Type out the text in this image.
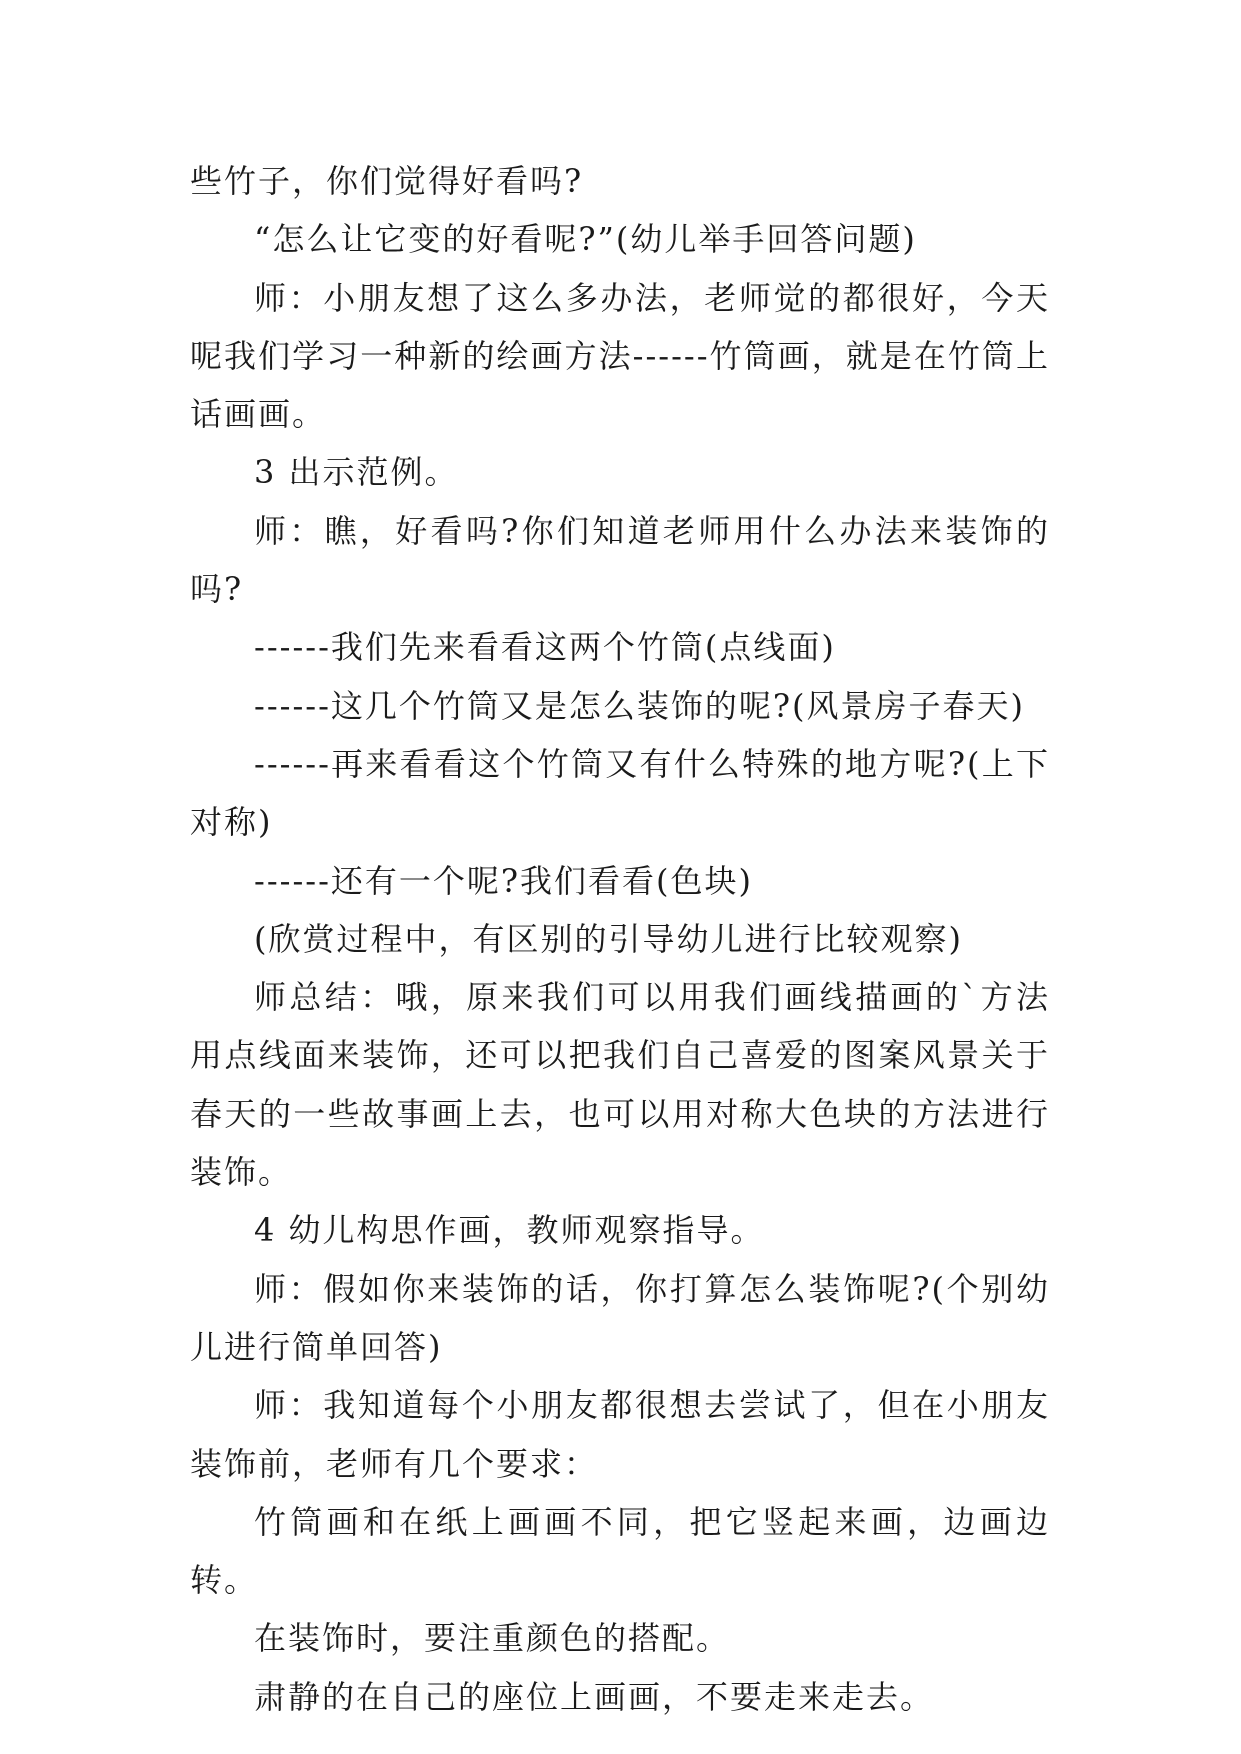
些竹子，你们觉得好看吗?

“怎么让它变的好看呢?”(幼儿举手回答问题)

师：小朋友想了这么多办法，老师觉的都很好，今天呢我们学习一种新的绘画方法------竹筒画，就是在竹筒上话画画。

3 出示范例。

师：瞧，好看吗?你们知道老师用什么办法来装饰的吗?

------我们先来看看这两个竹筒(点线面)

------这几个竹筒又是怎么装饰的呢?(风景房子春天)

------再来看看这个竹筒又有什么特殊的地方呢?(上下对称)

------还有一个呢?我们看看(色块)

(欣赏过程中，有区别的引导幼儿进行比较观察)

师总结：哦，原来我们可以用我们画线描画的`方法用点线面来装饰，还可以把我们自己喜爱的图案风景关于春天的一些故事画上去，也可以用对称大色块的方法进行装饰。

4 幼儿构思作画，教师观察指导。

师：假如你来装饰的话，你打算怎么装饰呢?(个别幼儿进行简单回答)

师：我知道每个小朋友都很想去尝试了，但在小朋友装饰前，老师有几个要求：

竹筒画和在纸上画画不同，把它竖起来画，边画边转。

在装饰时，要注重颜色的搭配。

肃静的在自己的座位上画画，不要走来走去。
